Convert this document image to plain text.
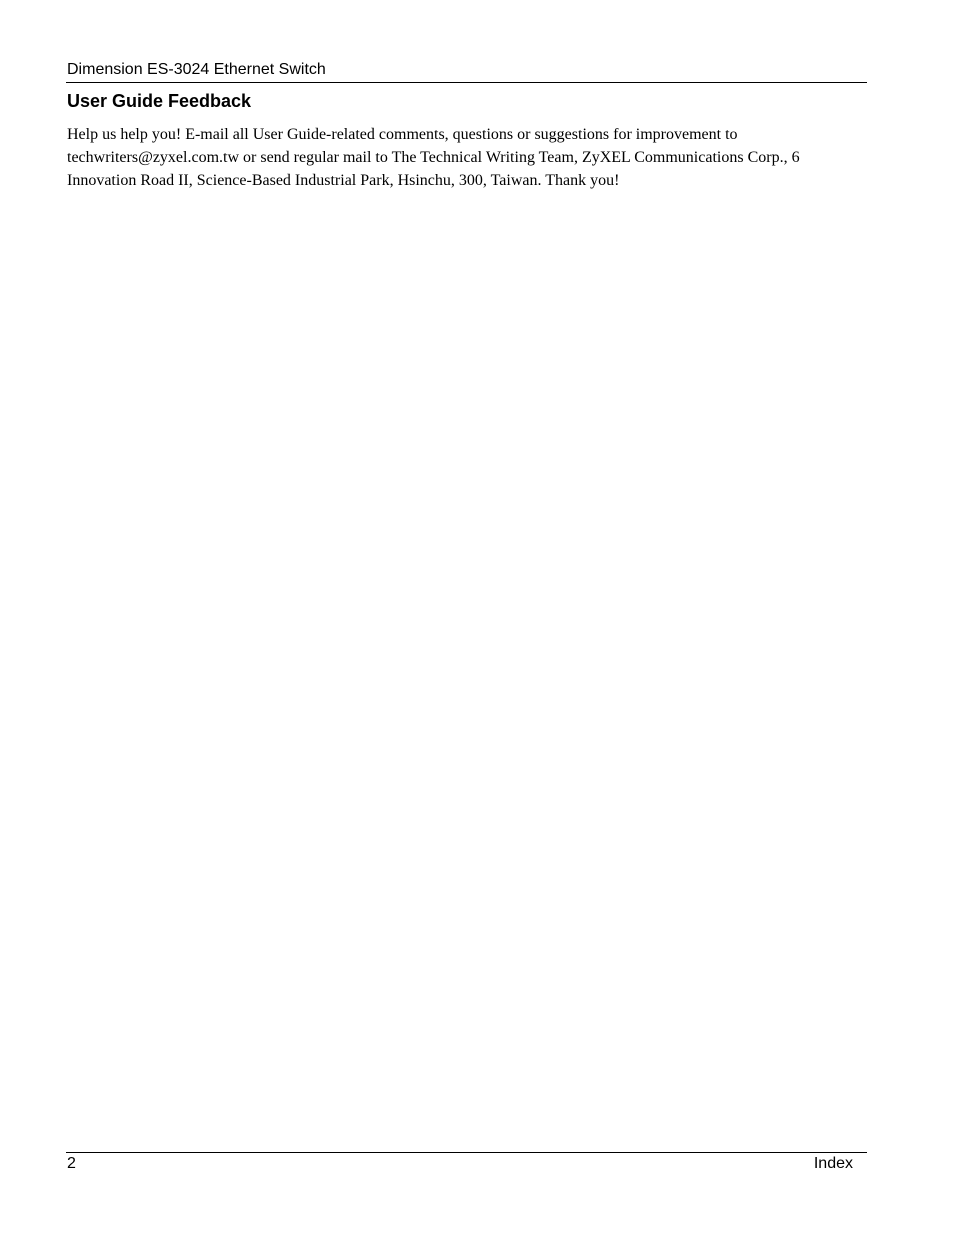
Dimension ES-3024 Ethernet Switch
User Guide Feedback

Help us help you! E-mail all User Guide-related comments, questions or suggestions for improvement to
techwriters@zyxel.com.tw or send regular mail to The Technical Writing Team, ZyXEL Communications Corp., 6
Innovation Road II, Science-Based Industrial Park, Hsinchu, 300, Taiwan. Thank you!

2	Index
